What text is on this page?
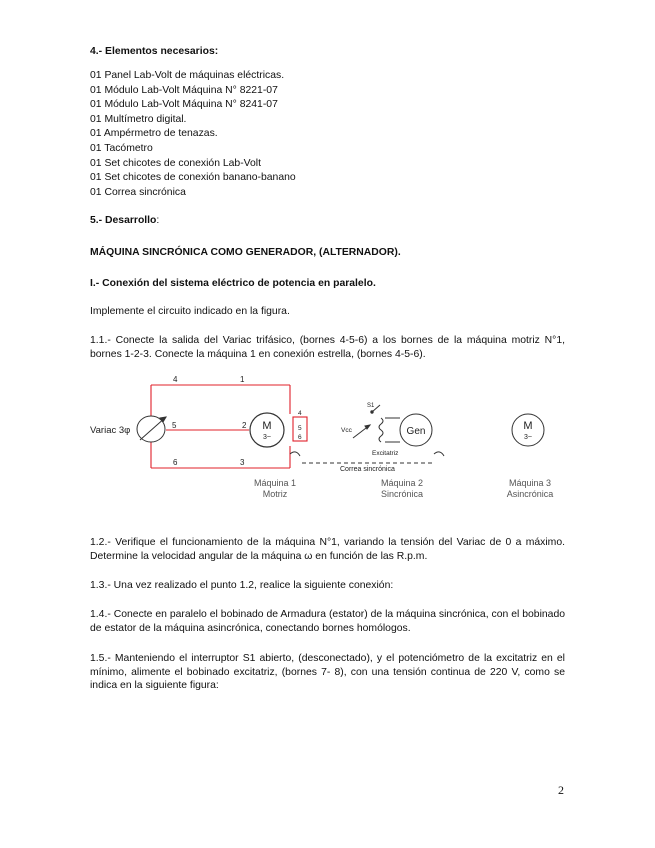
4.- Elementos necesarios:
01 Panel Lab-Volt de máquinas eléctricas.
01 Módulo Lab-Volt Máquina N° 8221-07
01 Módulo Lab-Volt Máquina N° 8241-07
01 Multímetro digital.
01 Ampérmetro de tenazas.
01 Tacómetro
01 Set chicotes de conexión Lab-Volt
01 Set chicotes de conexión banano-banano
01 Correa sincrónica
5.- Desarrollo:
MÁQUINA SINCRÓNICA COMO GENERADOR, (ALTERNADOR).
I.- Conexión del sistema eléctrico de potencia en paralelo.
Implemente el circuito indicado en la figura.
1.1.- Conecte la salida del Variac trifásico, (bornes 4-5-6) a los bornes de la máquina motriz N°1, bornes 1-2-3. Conecte la máquina 1 en conexión estrella, (bornes 4-5-6).
Variac 3φ
4	1
5	2
6	3
4
5
6
M
3~
Vcc
S1
Gen
Excitatriz
Correa sincrónica
M
3~
Máquina 1
Motriz
Máquina 2
Sincrónica
Máquina 3
Asincrónica
1.2.- Verifique el funcionamiento de la máquina N°1, variando la tensión del Variac de 0 a máximo. Determine la velocidad angular de la máquina ω en función de las R.p.m.
1.3.- Una vez realizado el punto 1.2, realice la siguiente conexión:
1.4.- Conecte en paralelo el bobinado de Armadura (estator) de la máquina sincrónica, con el bobinado de estator de la máquina asincrónica, conectando bornes homólogos.
1.5.- Manteniendo el interruptor S1 abierto, (desconectado), y el potenciómetro de la excitatriz en el mínimo, alimente el bobinado excitatriz, (bornes 7- 8), con una tensión continua de 220 V, como se indica en la siguiente figura:
2
